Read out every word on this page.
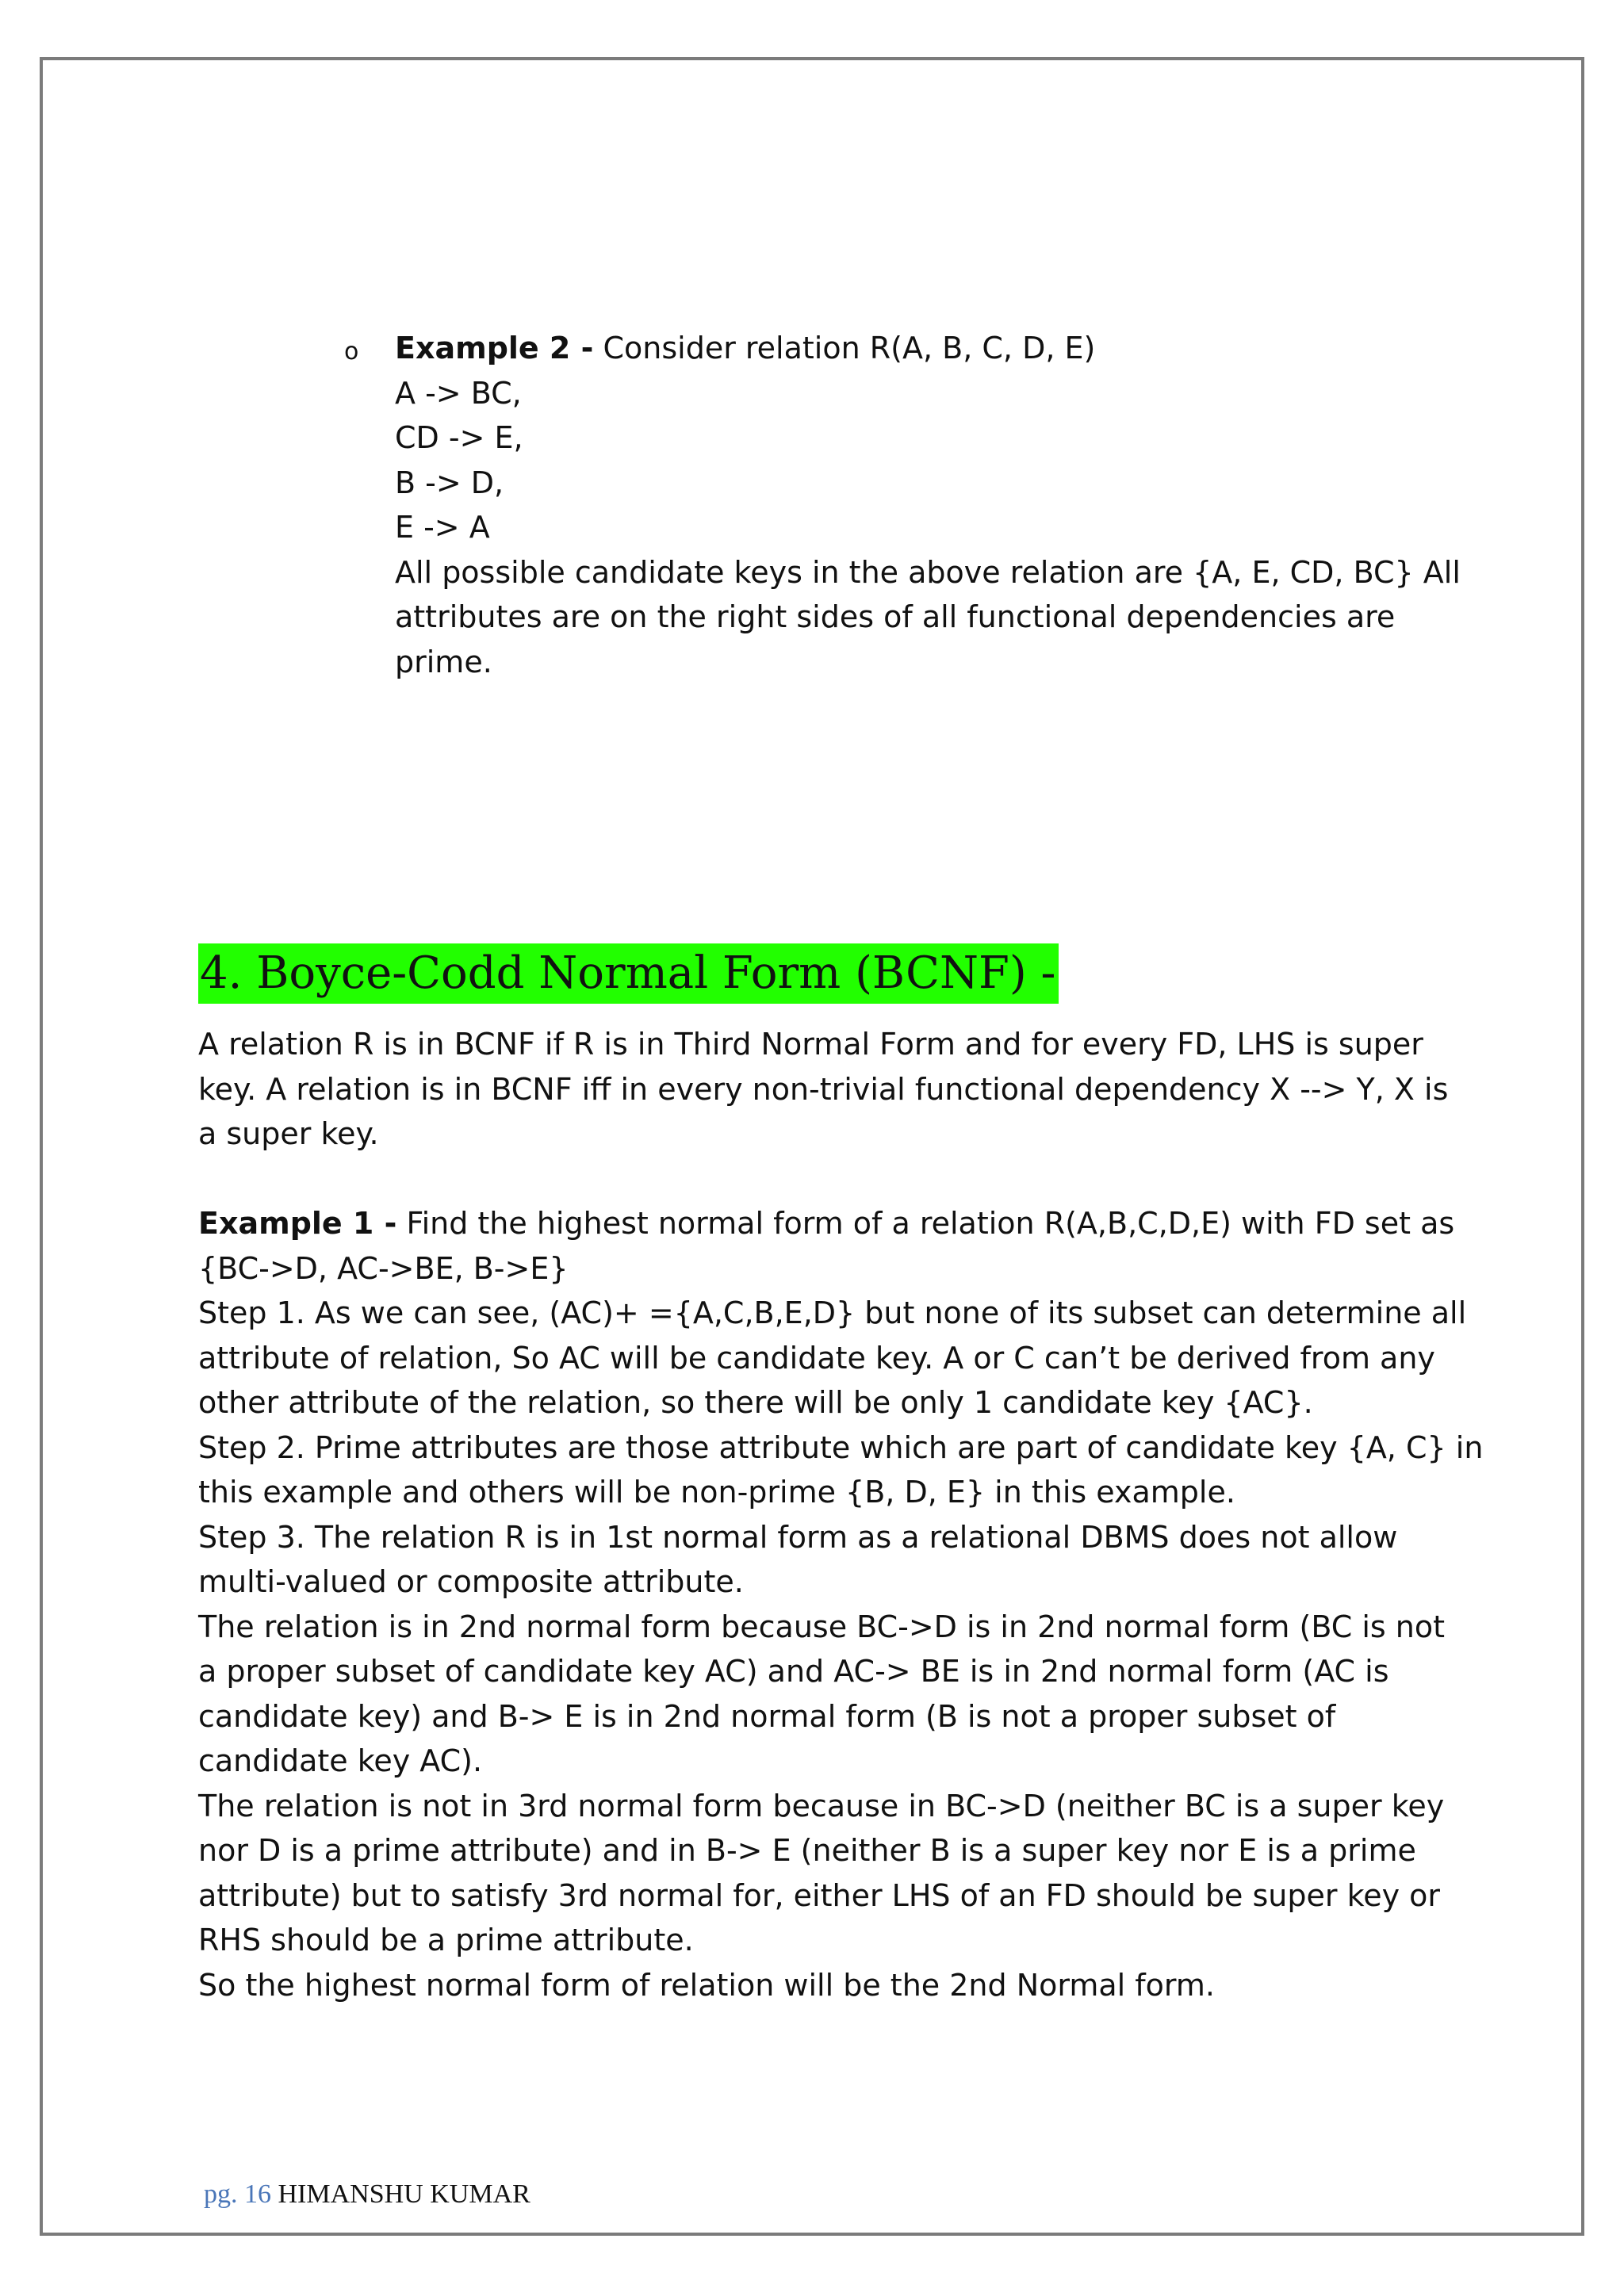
o Example 2 - Consider relation R(A, B, C, D, E)
A -> BC,
CD -> E,
B -> D,
E -> A
All possible candidate keys in the above relation are {A, E, CD, BC} All
attributes are on the right sides of all functional dependencies are
prime.
4. Boyce-Codd Normal Form (BCNF) -
A relation R is in BCNF if R is in Third Normal Form and for every FD, LHS is super
key. A relation is in BCNF iff in every non-trivial functional dependency X --> Y, X is
a super key.
Example 1 - Find the highest normal form of a relation R(A,B,C,D,E) with FD set as
{BC->D, AC->BE, B->E}
Step 1. As we can see, (AC)+ ={A,C,B,E,D} but none of its subset can determine all
attribute of relation, So AC will be candidate key. A or C can’t be derived from any
other attribute of the relation, so there will be only 1 candidate key {AC}.
Step 2. Prime attributes are those attribute which are part of candidate key {A, C} in
this example and others will be non-prime {B, D, E} in this example.
Step 3. The relation R is in 1st normal form as a relational DBMS does not allow
multi-valued or composite attribute.
The relation is in 2nd normal form because BC->D is in 2nd normal form (BC is not
a proper subset of candidate key AC) and AC-> BE is in 2nd normal form (AC is
candidate key) and B-> E is in 2nd normal form (B is not a proper subset of
candidate key AC).
The relation is not in 3rd normal form because in BC->D (neither BC is a super key
nor D is a prime attribute) and in B-> E (neither B is a super key nor E is a prime
attribute) but to satisfy 3rd normal for, either LHS of an FD should be super key or
RHS should be a prime attribute.
So the highest normal form of relation will be the 2nd Normal form.
pg. 16 HIMANSHU KUMAR
